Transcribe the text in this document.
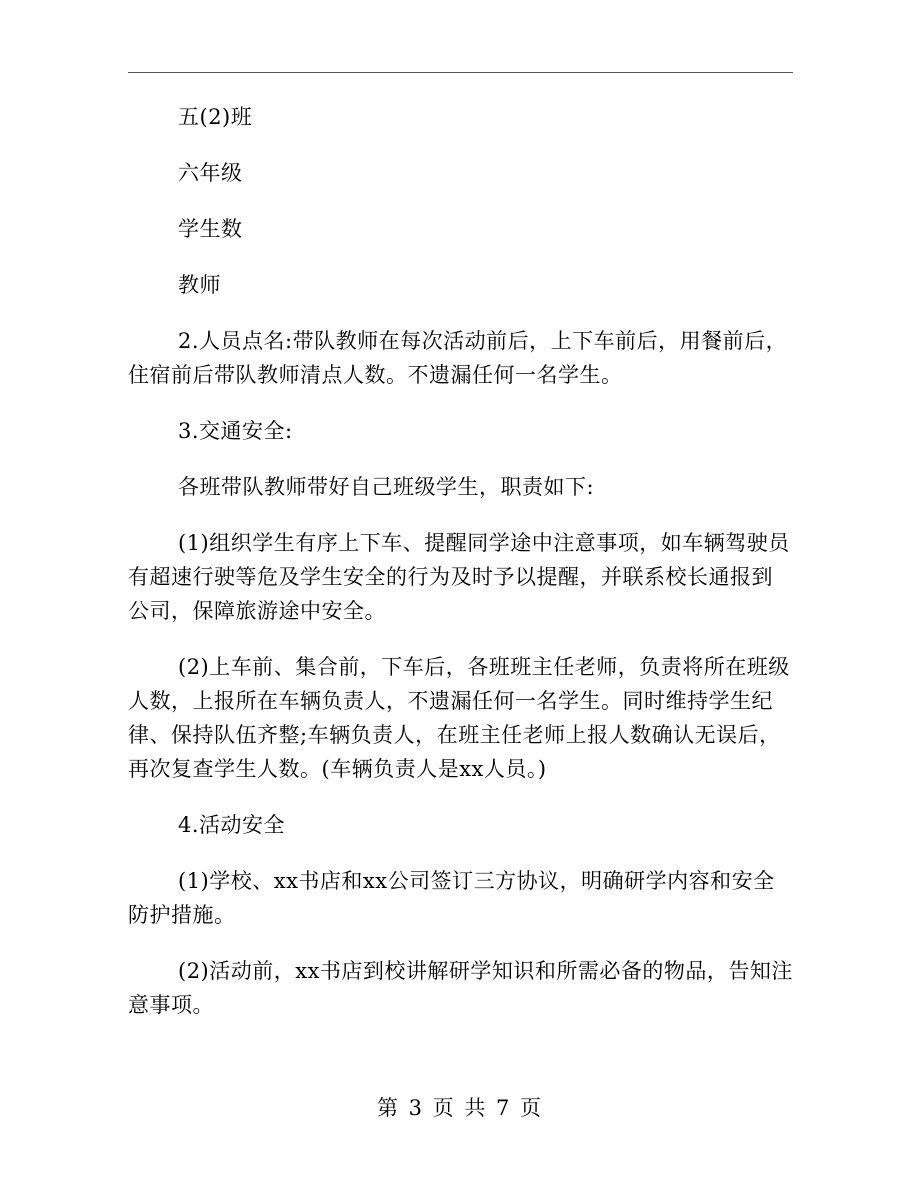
五(2)班

六年级

学生数

教师

2.人员点名:带队教师在每次活动前后，上下车前后，用餐前后，住宿前后带队教师清点人数。不遗漏任何一名学生。

3.交通安全:

各班带队教师带好自己班级学生，职责如下:

(1)组织学生有序上下车、提醒同学途中注意事项，如车辆驾驶员有超速行驶等危及学生安全的行为及时予以提醒，并联系校长通报到公司，保障旅游途中安全。

(2)上车前、集合前，下车后，各班班主任老师，负责将所在班级人数，上报所在车辆负责人，不遗漏任何一名学生。同时维持学生纪律、保持队伍齐整;车辆负责人，在班主任老师上报人数确认无误后，再次复查学生人数。(车辆负责人是xx人员。)

4.活动安全

(1)学校、xx书店和xx公司签订三方协议，明确研学内容和安全防护措施。

(2)活动前，xx书店到校讲解研学知识和所需必备的物品，告知注意事项。

第 3 页 共 7 页
